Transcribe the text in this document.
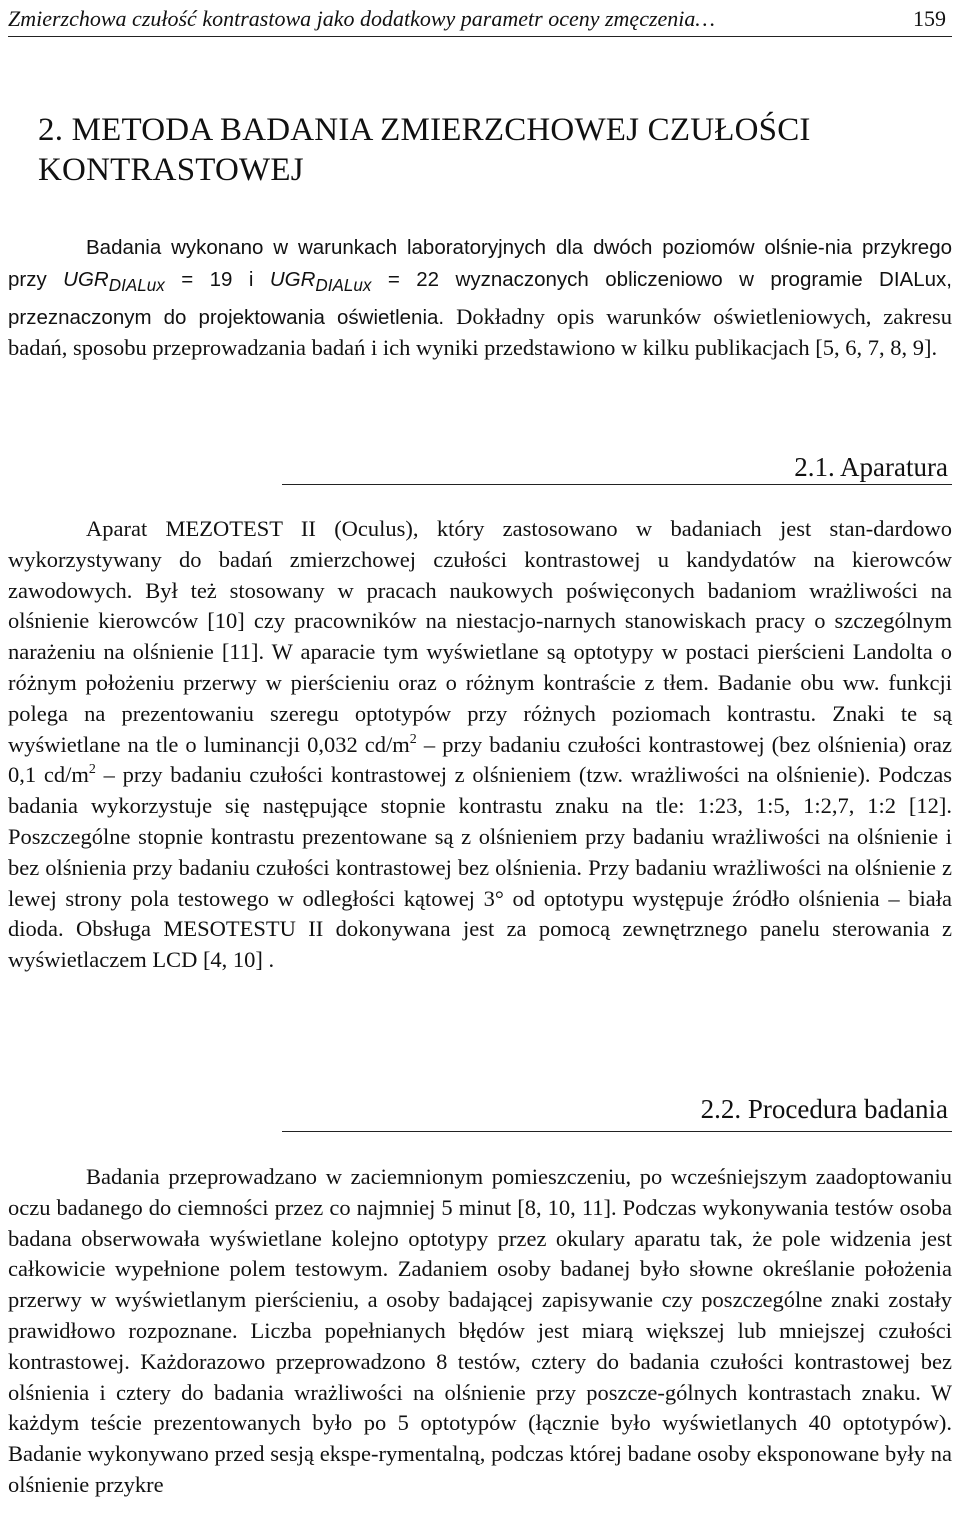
Zmierzchowa czułość kontrastowa jako dodatkowy parametr oceny zmęczenia…	159
2. METODA BADANIA ZMIERZCHOWEJ CZUŁOŚCI
KONTRASTOWEJ

Badania wykonano w warunkach laboratoryjnych dla dwóch poziomów olśnie-nia przykrego przy $UGR_{DIALux} = 19$ i $UGR_{DIALux} = 22$ wyznaczonych obliczeniowo w programie DIALux, przeznaczonym do projektowania oświetlenia. Dokładny opis warunków oświetleniowych, zakresu badań, sposobu przeprowadzania badań i ich wyniki przedstawiono w kilku publikacjach [5, 6, 7, 8, 9].

2.1. Aparatura

Aparat MEZOTEST II (Oculus), który zastosowano w badaniach jest stan-dardowo wykorzystywany do badań zmierzchowej czułości kontrastowej u kandydatów na kierowców zawodowych. Był też stosowany w pracach naukowych poświęconych badaniom wrażliwości na olśnienie kierowców [10] czy pracowników na niestacjo-narnych stanowiskach pracy o szczególnym narażeniu na olśnienie [11]. W aparacie tym wyświetlane są optotypy w postaci pierścieni Landolta o różnym położeniu przerwy w pierścieniu oraz o różnym kontraście z tłem. Badanie obu ww. funkcji polega na prezentowaniu szeregu optotypów przy różnych poziomach kontrastu. Znaki te są wyświetlane na tle o luminancji 0,032 $cd/m^2$ – przy badaniu czułości kontrastowej (bez olśnienia) oraz 0,1 $cd/m^2$ – przy badaniu czułości kontrastowej z olśnieniem (tzw. wrażliwości na olśnienie). Podczas badania wykorzystuje się następujące stopnie kontrastu znaku na tle: 1:23, 1:5, 1:2,7, 1:2 [12]. Poszczególne stopnie kontrastu prezentowane są z olśnieniem przy badaniu wrażliwości na olśnienie i bez olśnienia przy badaniu czułości kontrastowej bez olśnienia. Przy badaniu wrażliwości na olśnienie z lewej strony pola testowego w odległości kątowej 3° od optotypu występuje źródło olśnienia – biała dioda. Obsługa MESOTESTU II dokonywana jest za pomocą zewnętrznego panelu sterowania z wyświetlaczem LCD [4, 10] .

2.2. Procedura badania

Badania przeprowadzano w zaciemnionym pomieszczeniu, po wcześniejszym zaadoptowaniu oczu badanego do ciemności przez co najmniej 5 minut [8, 10, 11]. Podczas wykonywania testów osoba badana obserwowała wyświetlane kolejno optotypy przez okulary aparatu tak, że pole widzenia jest całkowicie wypełnione polem testowym. Zadaniem osoby badanej było słowne określanie położenia przerwy w wyświetlanym pierścieniu, a osoby badającej zapisywanie czy poszczególne znaki zostały prawidłowo rozpoznane. Liczba popełnianych błędów jest miarą większej lub mniejszej czułości kontrastowej. Każdorazowo przeprowadzono 8 testów, cztery do badania czułości kontrastowej bez olśnienia i cztery do badania wrażliwości na olśnienie przy poszcze-gólnych kontrastach znaku. W każdym teście prezentowanych było po 5 optotypów (łącznie było wyświetlanych 40 optotypów). Badanie wykonywano przed sesją ekspe-rymentalną, podczas której badane osoby eksponowane były na olśnienie przykre
